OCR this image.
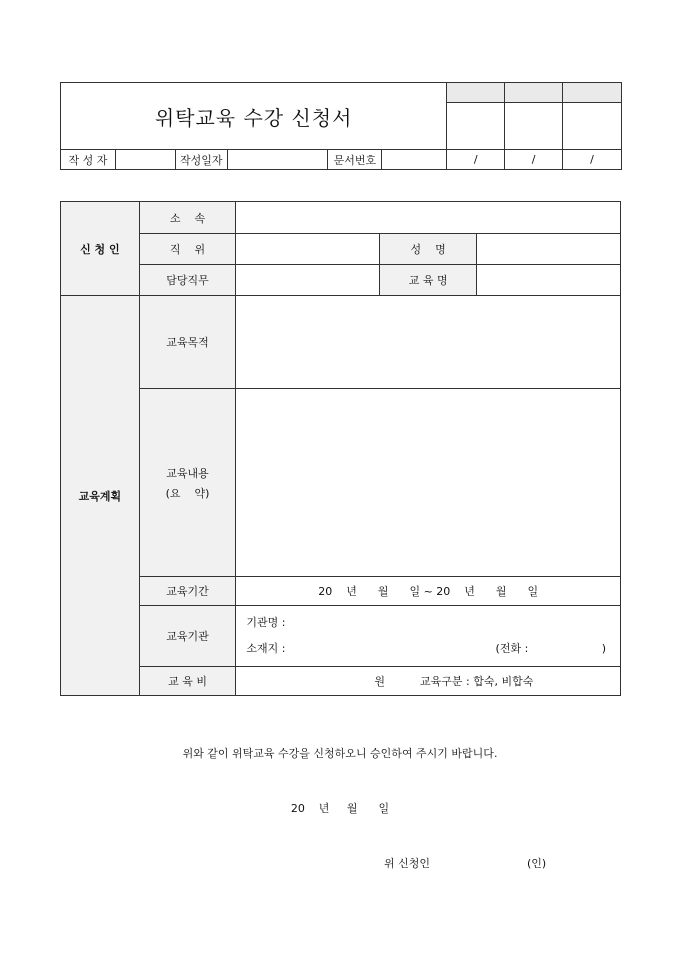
위탁교육 수강 신청서								

작 성 자		작성일자		문서번호		/	/	/
신 청 인	소    속			
	직    위		성    명	
	담당직무		교 육 명	
교육계획	교육목적			

	교육내용
(요    약)			

	교육기간	20    년      월      일 ~ 20    년      월      일		
	교육기관	기관명 :
소재지 : (전화 :                     )		

	교 육 비	원          교육구분 : 합숙, 비합숙		
위와 같이 위탁교육 수강을 신청하오니 승인하여 주시기 바랍니다.
20    년     월      일
위 신청인	(인)
